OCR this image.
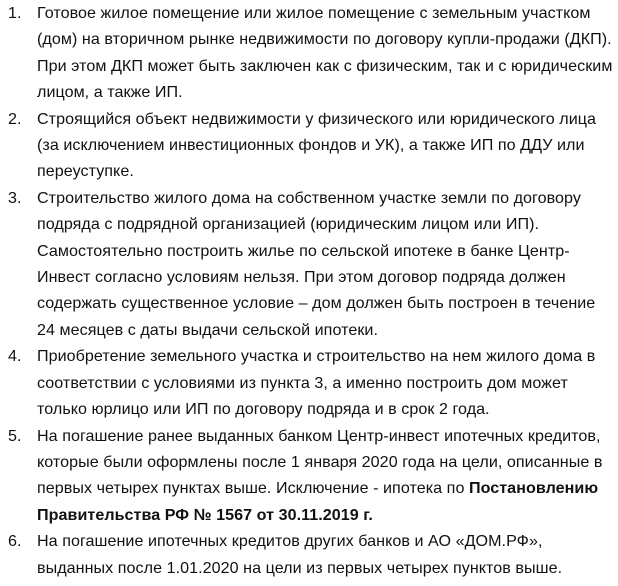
1. Готовое жилое помещение или жилое помещение с земельным участком (дом) на вторичном рынке недвижимости по договору купли-продажи (ДКП). При этом ДКП может быть заключен как с физическим, так и с юридическим лицом, а также ИП.
2. Строящийся объект недвижимости у физического или юридического лица (за исключением инвестиционных фондов и УК), а также ИП по ДДУ или переуступке.
3. Строительство жилого дома на собственном участке земли по договору подряда с подрядной организацией (юридическим лицом или ИП). Самостоятельно построить жилье по сельской ипотеке в банке Центр-Инвест согласно условиям нельзя. При этом договор подряда должен содержать существенное условие – дом должен быть построен в течение 24 месяцев с даты выдачи сельской ипотеки.
4. Приобретение земельного участка и строительство на нем жилого дома в соответствии с условиями из пункта 3, а именно построить дом может только юрлицо или ИП по договору подряда и в срок 2 года.
5. На погашение ранее выданных банком Центр-инвест ипотечных кредитов, которые были оформлены после 1 января 2020 года на цели, описанные в первых четырех пунктах выше. Исключение - ипотека по Постановлению Правительства РФ № 1567 от 30.11.2019 г.
6. На погашение ипотечных кредитов других банков и АО «ДОМ.РФ», выданных после 1.01.2020 на цели из первых четырех пунктов выше.
